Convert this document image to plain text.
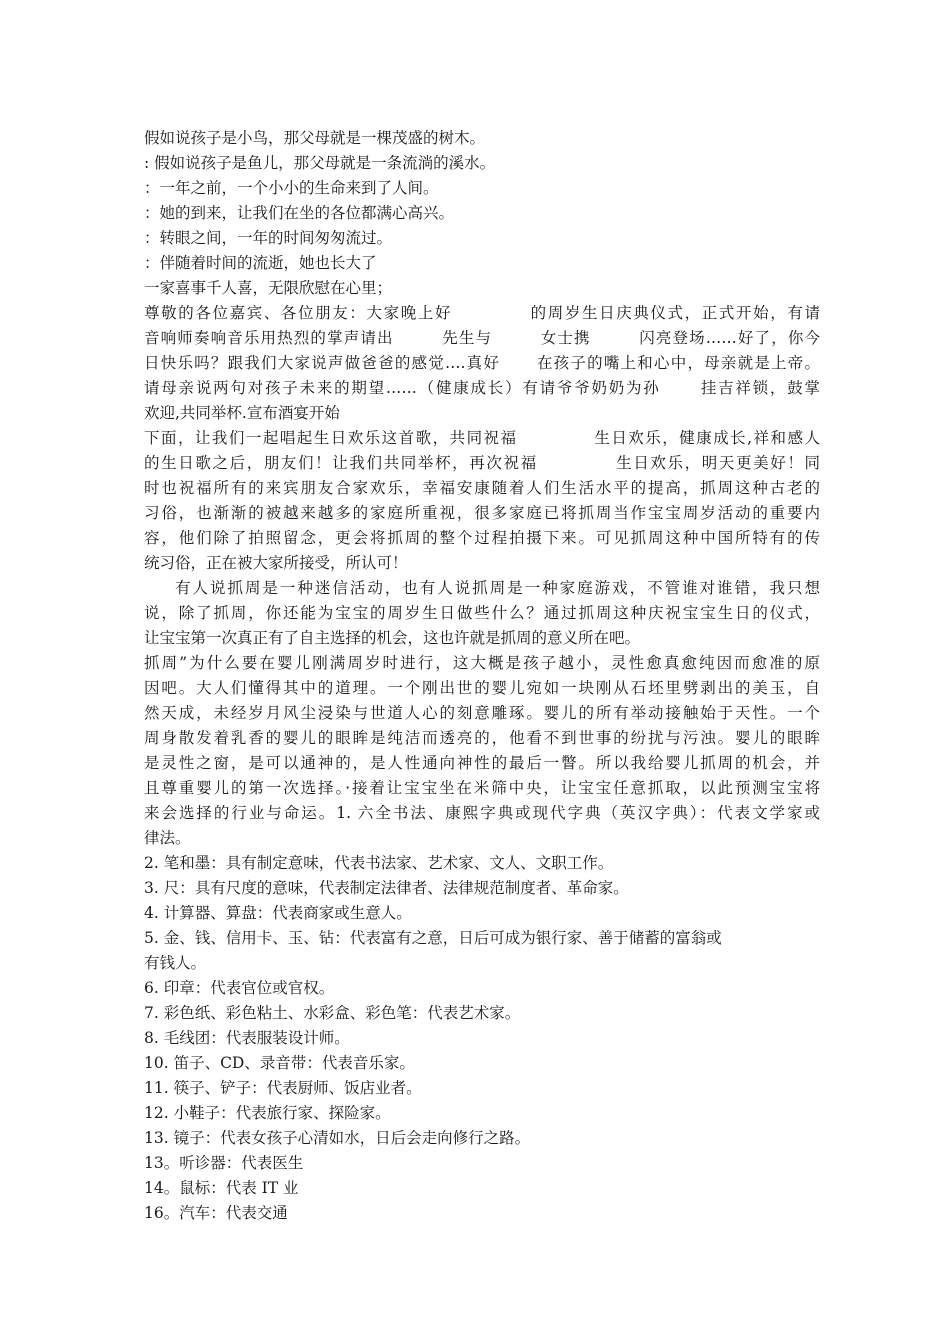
假如说孩子是小鸟，那父母就是一棵茂盛的树木。
: 假如说孩子是鱼儿，那父母就是一条流淌的溪水。
：一年之前，一个小小的生命来到了人间。
：她的到来，让我们在坐的各位都满心高兴。
：转眼之间，一年的时间匆匆流过。
：伴随着时间的流逝，她也长大了
一家喜事千人喜，无限欣慰在心里；
尊敬的各位嘉宾、各位朋友：大家晚上好            的周岁生日庆典仪式，正式开始，有请
音响师奏响音乐用热烈的掌声请出        先生与        女士携        闪亮登场……好了，你今
日快乐吗？跟我们大家说声做爸爸的感觉….真好      在孩子的嘴上和心中，母亲就是上帝。
请母亲说两句对孩子未来的期望……（健康成长）有请爷爷奶奶为孙      挂吉祥锁，鼓掌
欢迎,共同举杯.宣布酒宴开始
下面，让我们一起唱起生日欢乐这首歌，共同祝福            生日欢乐，健康成长,祥和感人
的生日歌之后，朋友们！让我们共同举杯，再次祝福            生日欢乐，明天更美好！同
时也祝福所有的来宾朋友合家欢乐，幸福安康随着人们生活水平的提高，抓周这种古老的
习俗，也渐渐的被越来越多的家庭所重视，很多家庭已将抓周当作宝宝周岁活动的重要内
容，他们除了拍照留念，更会将抓周的整个过程拍摄下来。可见抓周这种中国所特有的传
统习俗，正在被大家所接受，所认可！
有人说抓周是一种迷信活动，也有人说抓周是一种家庭游戏，不管谁对谁错，我只想
说，除了抓周，你还能为宝宝的周岁生日做些什么？通过抓周这种庆祝宝宝生日的仪式，
让宝宝第一次真正有了自主选择的机会，这也许就是抓周的意义所在吧。
抓周”为什么要在婴儿刚满周岁时进行，这大概是孩子越小，灵性愈真愈纯因而愈准的原
因吧。大人们懂得其中的道理。一个刚出世的婴儿宛如一块刚从石坯里劈剥出的美玉，自
然天成，未经岁月风尘浸染与世道人心的刻意雕琢。婴儿的所有举动接触始于天性。一个
周身散发着乳香的婴儿的眼眸是纯洁而透亮的，他看不到世事的纷扰与污浊。婴儿的眼眸
是灵性之窗，是可以通神的，是人性通向神性的最后一瞥。所以我给婴儿抓周的机会，并
且尊重婴儿的第一次选择。·接着让宝宝坐在米筛中央，让宝宝任意抓取，以此预测宝宝将
来会选择的行业与命运。1. 六全书法、康熙字典或现代字典（英汉字典）：代表文学家或
律法。
2. 笔和墨：具有制定意味，代表书法家、艺术家、文人、文职工作。
3. 尺：具有尺度的意味，代表制定法律者、法律规范制度者、革命家。
4. 计算器、算盘：代表商家或生意人。
5. 金、钱、信用卡、玉、钻：代表富有之意，日后可成为银行家、善于储蓄的富翁或
有钱人。
6. 印章：代表官位或官权。
7. 彩色纸、彩色粘土、水彩盒、彩色笔：代表艺术家。
8. 毛线团：代表服装设计师。
10. 笛子、CD、录音带：代表音乐家。
11. 筷子、铲子：代表厨师、饭店业者。
12. 小鞋子：代表旅行家、探险家。
13. 镜子：代表女孩子心清如水，日后会走向修行之路。
13。听诊器：代表医生
14。鼠标：代表 IT 业
16。汽车：代表交通
